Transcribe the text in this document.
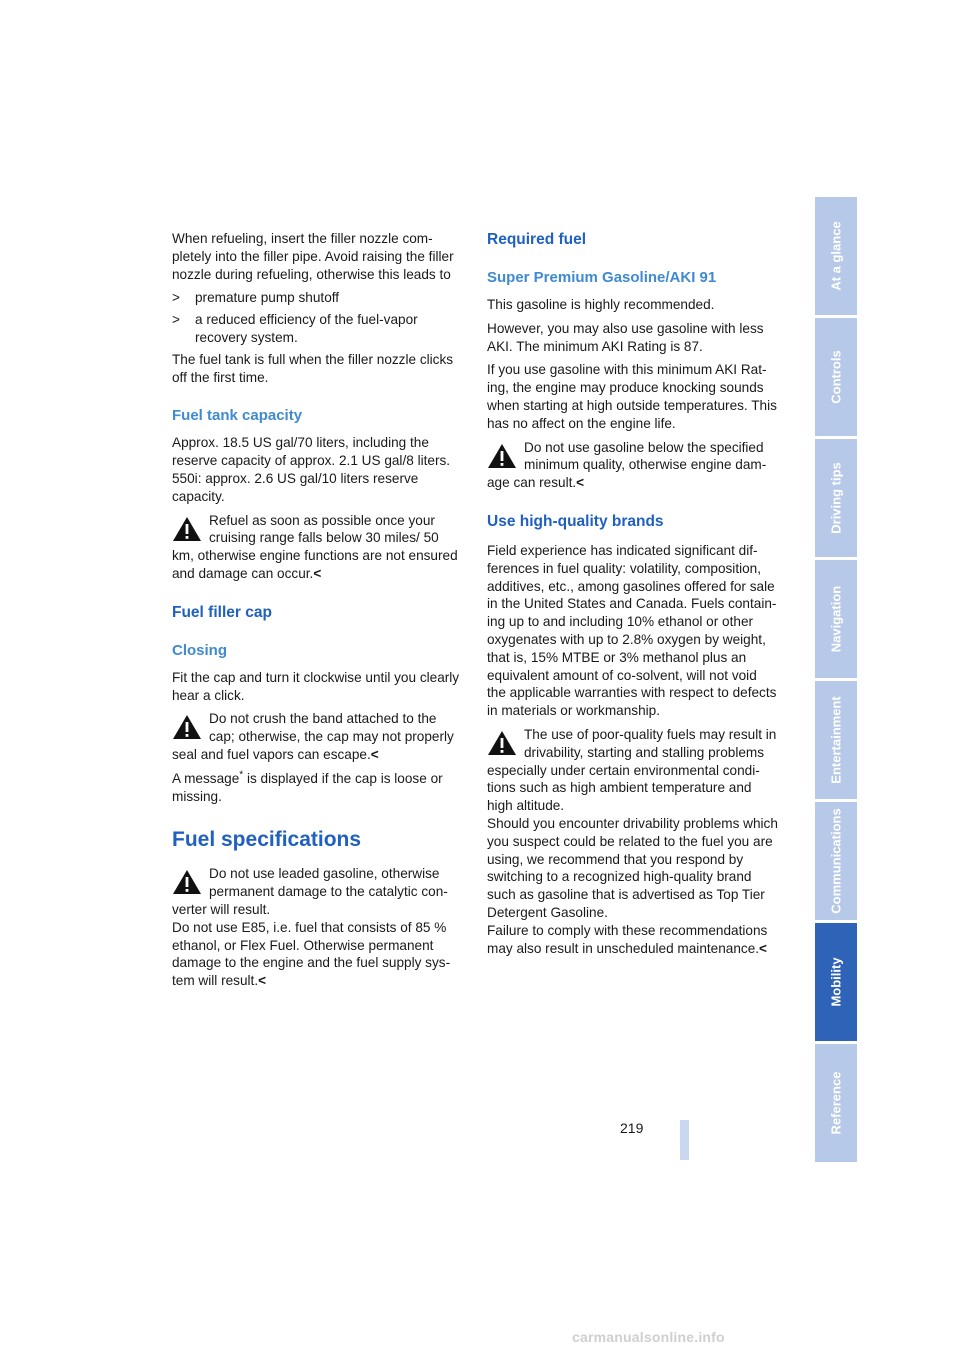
When refueling, insert the filler nozzle com-pletely into the filler pipe. Avoid raising the filler nozzle during refueling, otherwise this leads to

> premature pump shutoff
> a reduced efficiency of the fuel-vapor recovery system.

The fuel tank is full when the filler nozzle clicks off the first time.

Fuel tank capacity

Approx. 18.5 US gal/70 liters, including the reserve capacity of approx. 2.1 US gal/8 liters. 550i: approx. 2.6 US gal/10 liters reserve capacity.

Refuel as soon as possible once your cruising range falls below 30 miles/ 50 km, otherwise engine functions are not ensured and damage can occur.<
Fuel filler cap
Closing

Fit the cap and turn it clockwise until you clearly hear a click.

Do not crush the band attached to the cap; otherwise, the cap may not properly seal and fuel vapors can escape.<

A message* is displayed if the cap is loose or missing.

Fuel specifications
Do not use leaded gasoline, otherwise permanent damage to the catalytic con-verter will result.
Do not use E85, i.e. fuel that consists of 85 % ethanol, or Flex Fuel. Otherwise permanent damage to the engine and the fuel supply sys-tem will result.<
Required fuel
Super Premium Gasoline/AKI 91

This gasoline is highly recommended.

However, you may also use gasoline with less AKI. The minimum AKI Rating is 87.

If you use gasoline with this minimum AKI Rat-ing, the engine may produce knocking sounds when starting at high outside temperatures. This has no affect on the engine life.

Do not use gasoline below the specified minimum quality, otherwise engine dam-age can result.<
Use high-quality brands

Field experience has indicated significant dif-ferences in fuel quality: volatility, composition, additives, etc., among gasolines offered for sale in the United States and Canada. Fuels contain-ing up to and including 10% ethanol or other oxygenates with up to 2.8% oxygen by weight, that is, 15% MTBE or 3% methanol plus an equivalent amount of co-solvent, will not void the applicable warranties with respect to defects in materials or workmanship.

The use of poor-quality fuels may result in drivability, starting and stalling problems especially under certain environmental condi-tions such as high ambient temperature and high altitude.
Should you encounter drivability problems which you suspect could be related to the fuel you are using, we recommend that you respond by switching to a recognized high-quality brand such as gasoline that is advertised as Top Tier Detergent Gasoline.
Failure to comply with these recommendations may also result in unscheduled maintenance.<
At a glance
Controls
Driving tips
Navigation
Entertainment
Communications
Mobility
Reference
219
carmanualsonline.info
